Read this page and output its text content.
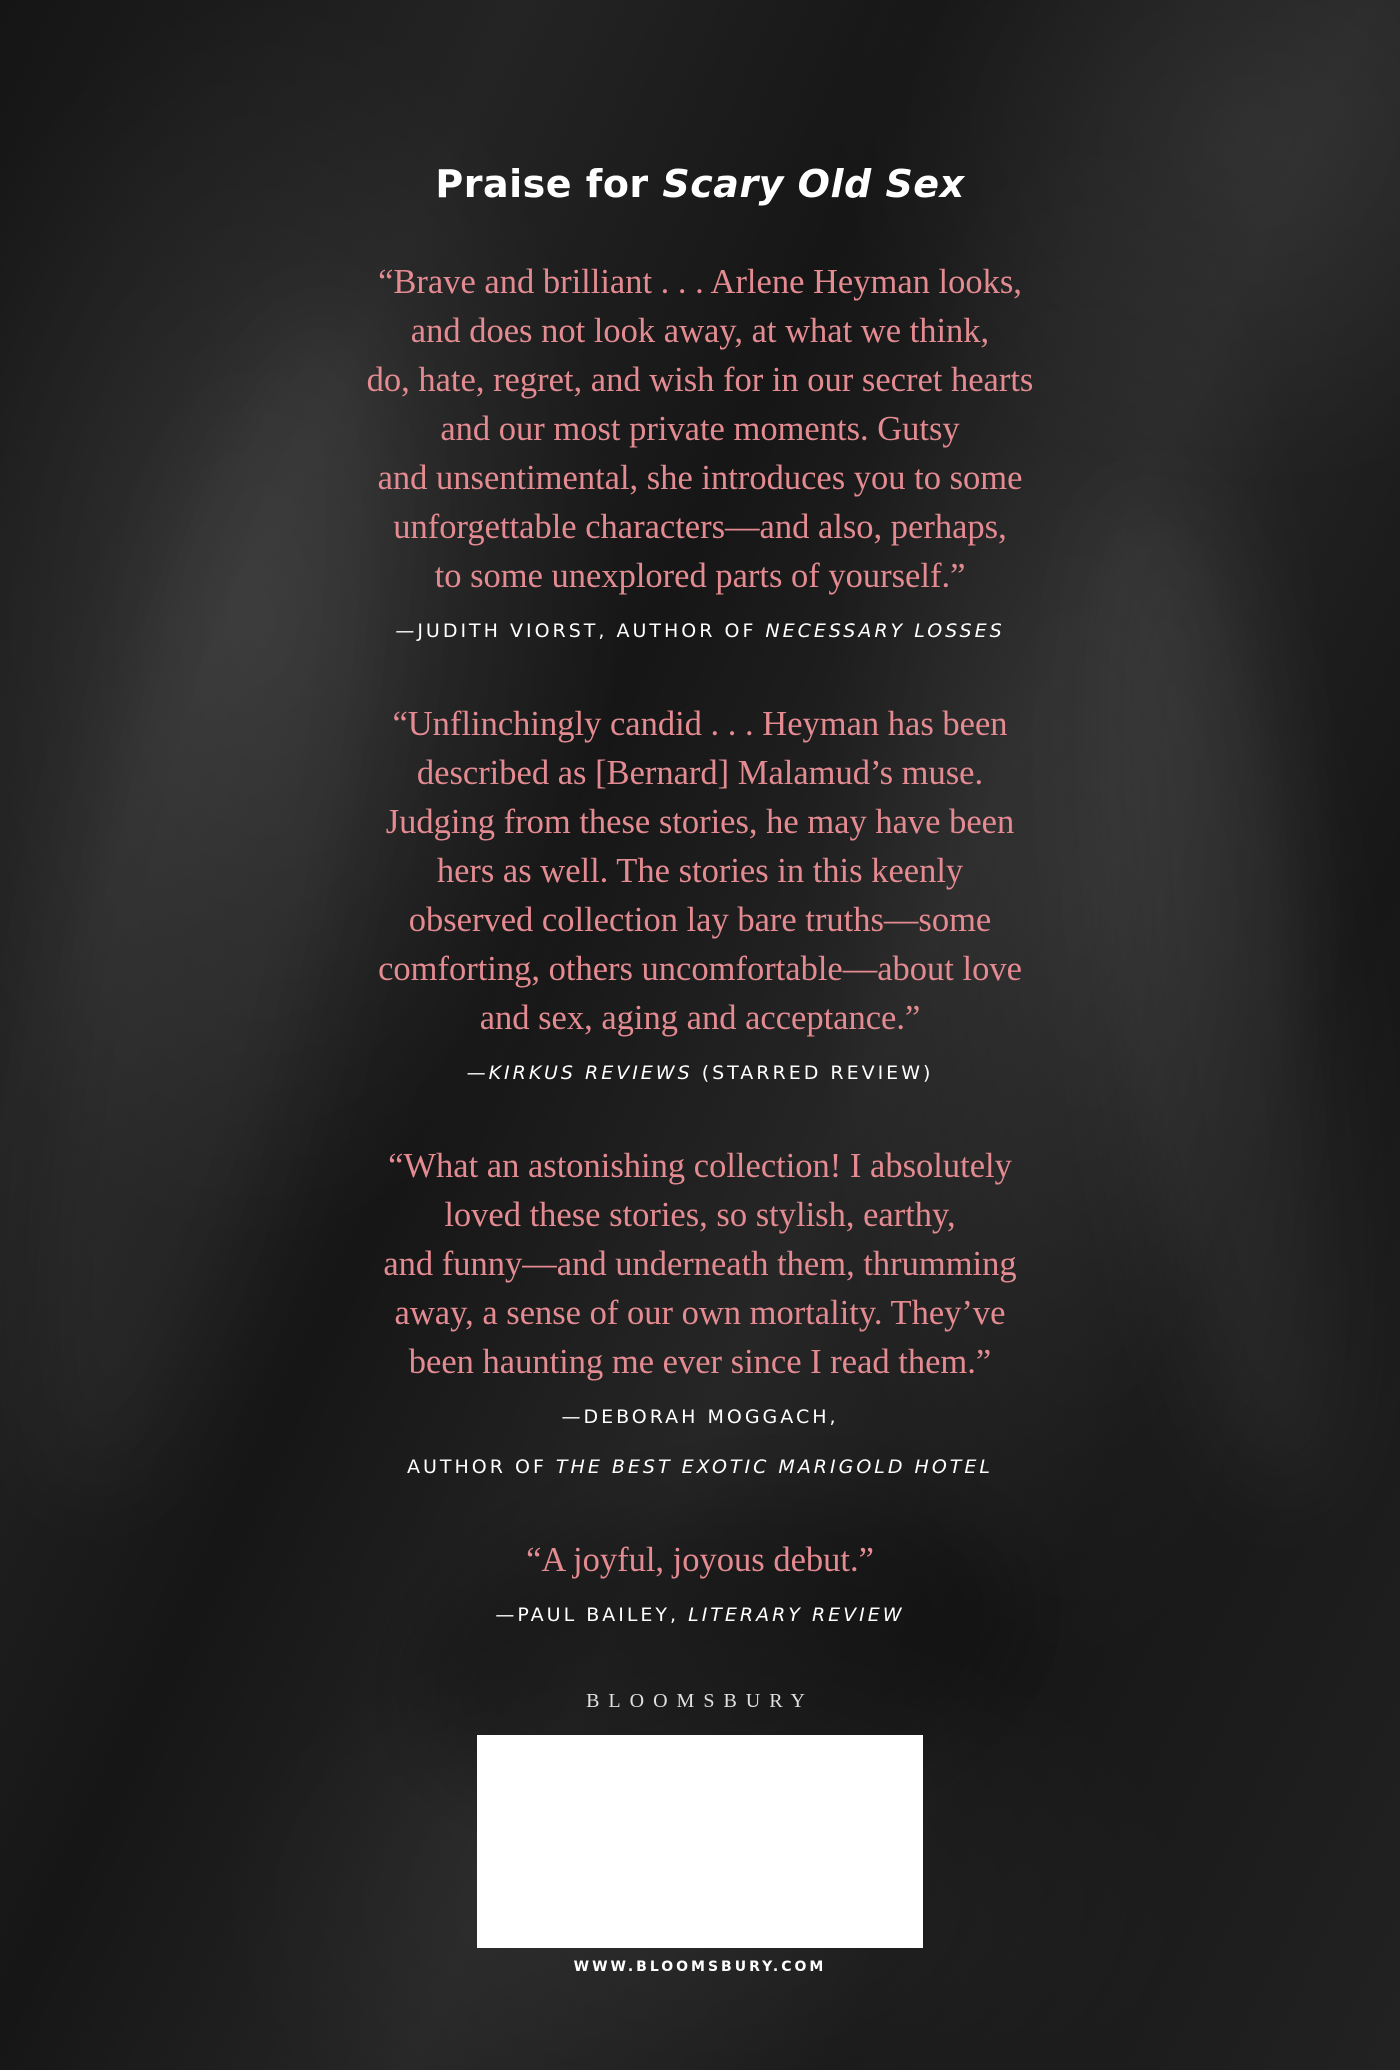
Praise for Scary Old Sex

“Brave and brilliant . . . Arlene Heyman looks,
and does not look away, at what we think,
do, hate, regret, and wish for in our secret hearts
and our most private moments. Gutsy
and unsentimental, she introduces you to some
unforgettable characters—and also, perhaps,
to some unexplored parts of yourself.”

—JUDITH VIORST, AUTHOR OF NECESSARY LOSSES

“Unflinchingly candid . . . Heyman has been
described as [Bernard] Malamud’s muse.
Judging from these stories, he may have been
hers as well. The stories in this keenly
observed collection lay bare truths—some
comforting, others uncomfortable—about love
and sex, aging and acceptance.”

—KIRKUS REVIEWS (STARRED REVIEW)

“What an astonishing collection! I absolutely
loved these stories, so stylish, earthy,
and funny—and underneath them, thrumming
away, a sense of our own mortality. They’ve
been haunting me ever since I read them.”

—DEBORAH MOGGACH,
AUTHOR OF THE BEST EXOTIC MARIGOLD HOTEL

“A joyful, joyous debut.”

—PAUL BAILEY, LITERARY REVIEW
BLOOMSBURY
WWW.BLOOMSBURY.COM
